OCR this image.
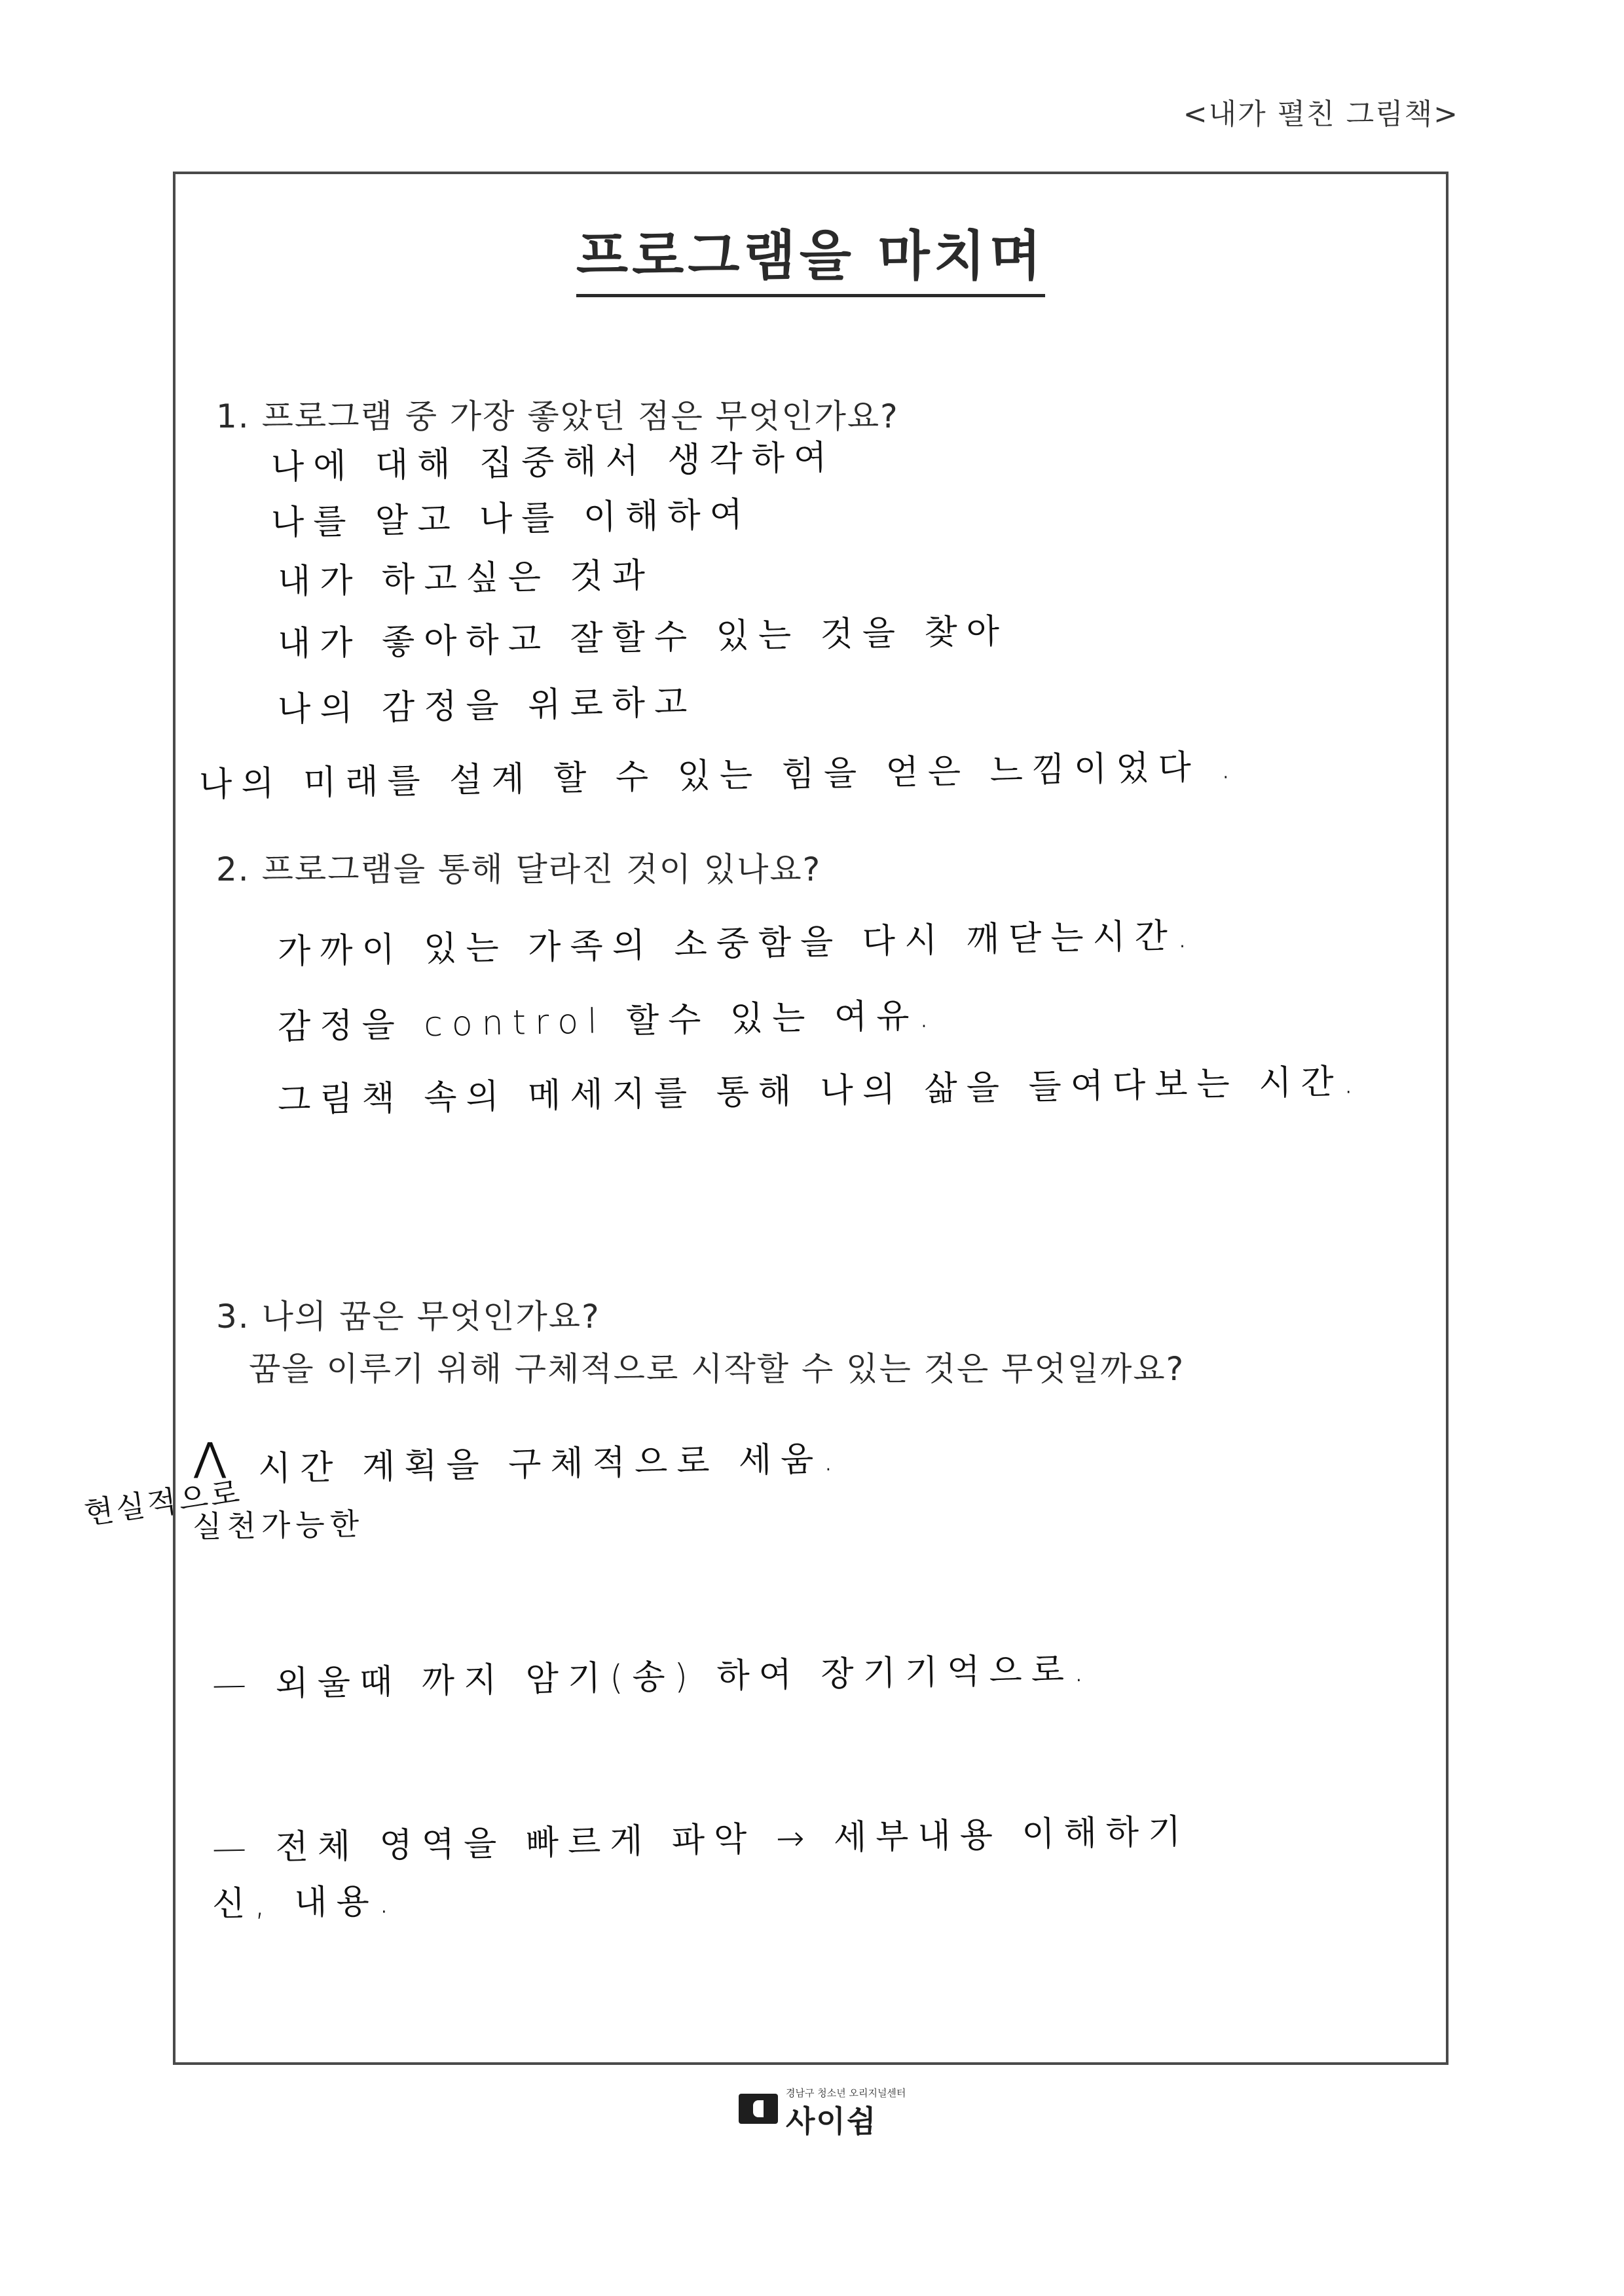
<내가 펼친 그림책>
프로그램을 마치며
1. 프로그램 중 가장 좋았던 점은 무엇인가요?
나에 대해 집중해서 생각하여
나를 알고 나를 이해하여
내가 하고싶은 것과
내가 좋아하고 잘할수 있는 것을 찾아
나의 감정을 위로하고
나의 미래를 설계 할 수 있는 힘을 얻은 느낌이었다 .
2. 프로그램을 통해 달라진 것이 있나요?
가까이 있는 가족의 소중함을 다시 깨닫는시간.
감정을 control 할수 있는 여유.
그림책 속의 메세지를 통해 나의 삶을 들여다보는 시간.
3. 나의 꿈은 무엇인가요?
꿈을 이루기 위해 구체적으로 시작할 수 있는 것은 무엇일까요?
⋀ 시간 계획을 구체적으로 세움.
실천가능한
— 외울때 까지 암기(송) 하여 장기기억으로.
— 전체 영역을 빠르게 파악 → 세부내용 이해하기
신, 내용.
현실적으로
경남구 청소년 오리지널센터
사이쉼
